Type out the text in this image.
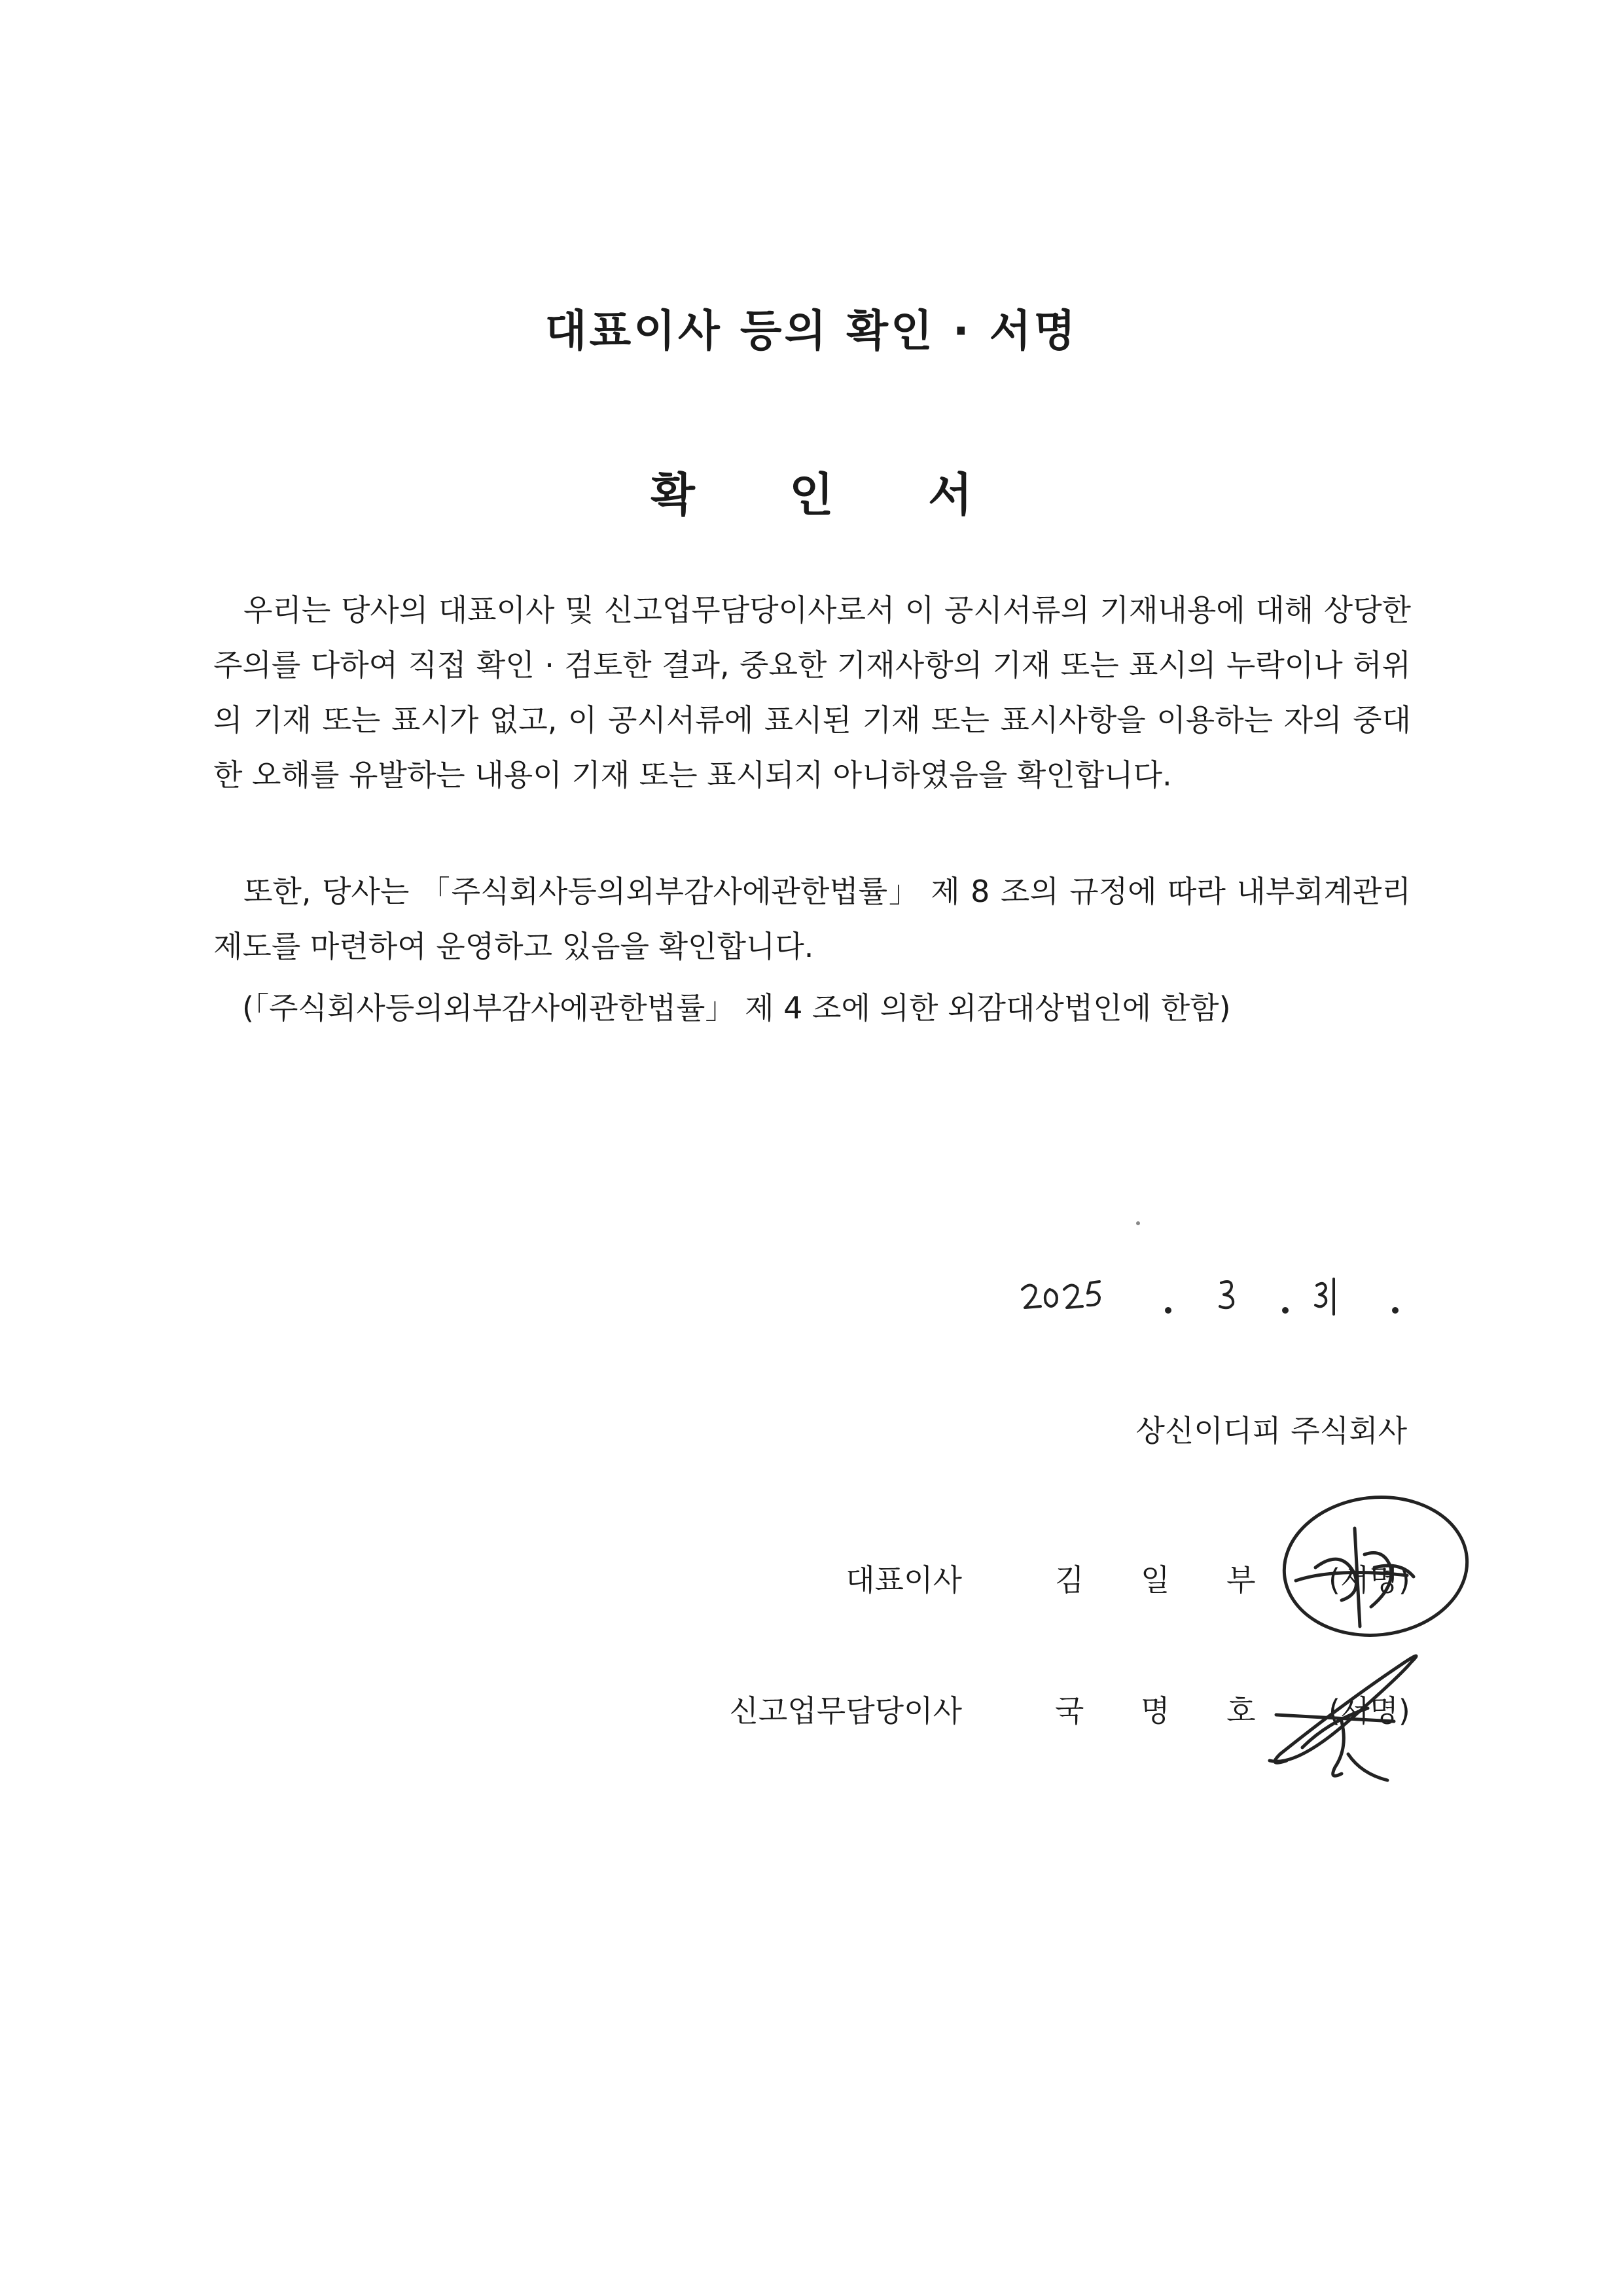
대표이사 등의 확인 · 서명
확 인 서

우리는 당사의 대표이사 및 신고업무담당이사로서 이 공시서류의 기재내용에 대해 상당한 주의를 다하여 직접 확인 · 검토한 결과, 중요한 기재사항의 기재 또는 표시의 누락이나 허위의 기재 또는 표시가 없고, 이 공시서류에 표시된 기재 또는 표시사항을 이용하는 자의 중대한 오해를 유발하는 내용이 기재 또는 표시되지 아니하였음을 확인합니다.

또한, 당사는 「주식회사등의외부감사에관한법률」 제 8 조의 규정에 따라 내부회계관리제도를 마련하여 운영하고 있음을 확인합니다.

(「주식회사등의외부감사에관한법률」 제 4 조에 의한 외감대상법인에 한함)
상신이디피 주식회사
대표이사	김 일 부 (서명)
신고업무담당이사	국 명 호 (서명)
